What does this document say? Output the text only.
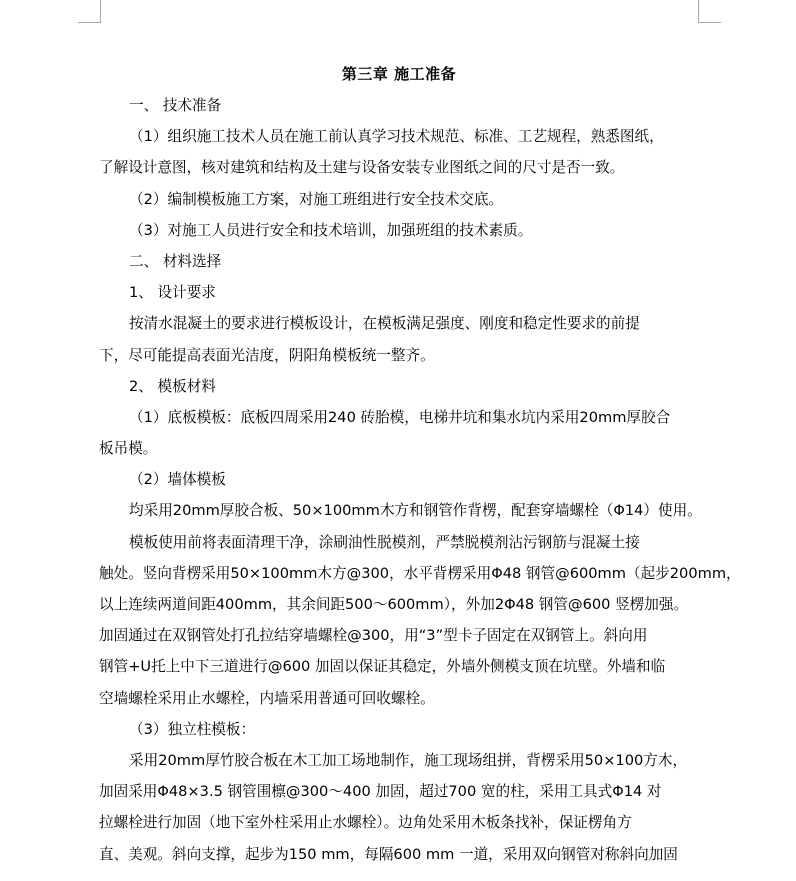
第三章 施工准备
一、 技术准备
（1）组织施工技术人员在施工前认真学习技术规范、标准、工艺规程，熟悉图纸，
了解设计意图，核对建筑和结构及土建与设备安装专业图纸之间的尺寸是否一致。
（2）编制模板施工方案，对施工班组进行安全技术交底。
（3）对施工人员进行安全和技术培训，加强班组的技术素质。
二、 材料选择
1、 设计要求
按清水混凝土的要求进行模板设计，在模板满足强度、刚度和稳定性要求的前提
下，尽可能提高表面光洁度，阴阳角模板统一整齐。
2、 模板材料
（1）底板模板：底板四周采用240 砖胎模，电梯井坑和集水坑内采用20mm厚胶合
板吊模。
（2）墙体模板
均采用20mm厚胶合板、50×100mm木方和钢管作背楞，配套穿墙螺栓（Φ14）使用。
模板使用前将表面清理干净，涂刷油性脱模剂，严禁脱模剂沾污钢筋与混凝土接
触处。竖向背楞采用50×100mm木方@300，水平背楞采用Φ48 钢管@600mm（起步200mm，
以上连续两道间距400mm，其余间距500～600mm），外加2Φ48 钢管@600 竖楞加强。
加固通过在双钢管处打孔拉结穿墙螺栓@300，用“3”型卡子固定在双钢管上。斜向用
钢管+U托上中下三道进行@600 加固以保证其稳定，外墙外侧模支顶在坑壁。外墙和临
空墙螺栓采用止水螺栓，内墙采用普通可回收螺栓。
（3）独立柱模板：
采用20mm厚竹胶合板在木工加工场地制作，施工现场组拼，背楞采用50×100方木，
加固采用Φ48×3.5 钢管围檩@300～400 加固，超过700 宽的柱，采用工具式Φ14 对
拉螺栓进行加固（地下室外柱采用止水螺栓）。边角处采用木板条找补，保证楞角方
直、美观。斜向支撑，起步为150 mm，每隔600 mm 一道，采用双向钢管对称斜向加固
